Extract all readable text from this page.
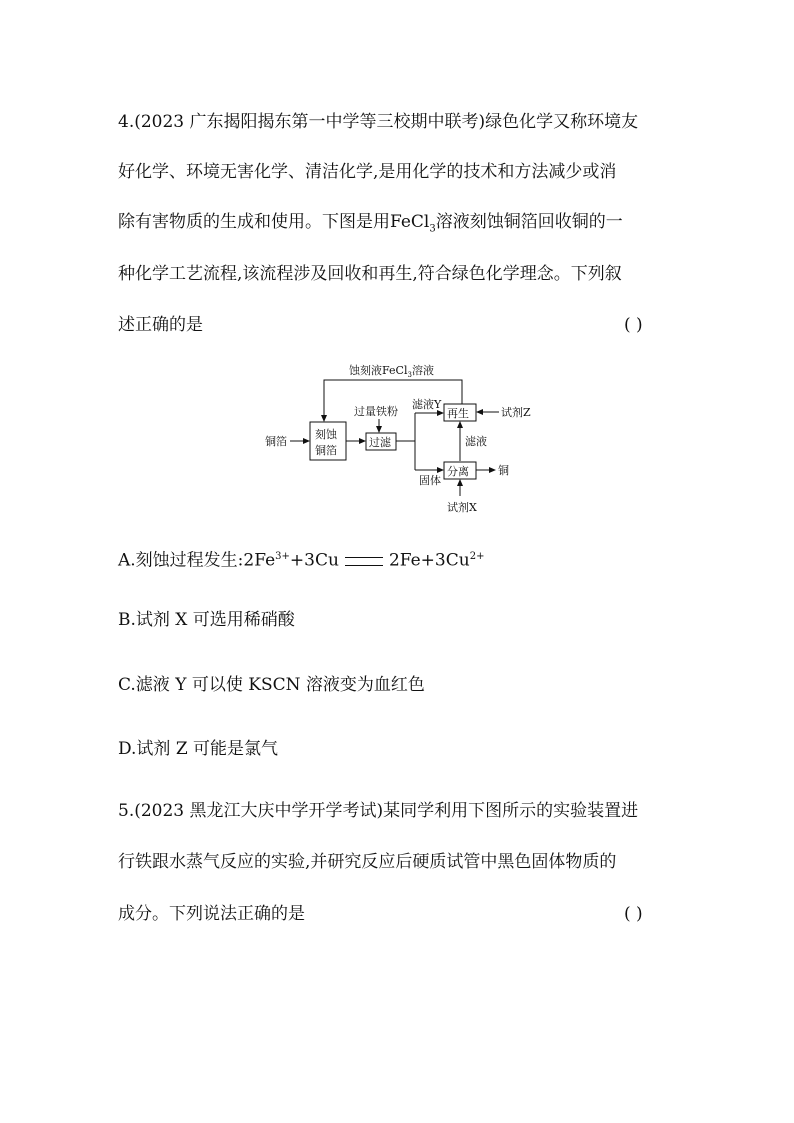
4.(2023 广东揭阳揭东第一中学等三校期中联考)绿色化学又称环境友
好化学、环境无害化学、清洁化学,是用化学的技术和方法减少或消
除有害物质的生成和使用。下图是用FeCl$_3$溶液刻蚀铜箔回收铜的一
种化学工艺流程,该流程涉及回收和再生,符合绿色化学理念。下列叙
述正确的是	( )
蚀刻液FeCl$_3$溶液
铜箔
刻蚀
铜箔
过量铁粉
过滤
滤液Y
固体
再生	试剂Z
滤液
分离	铜
试剂X
A.刻蚀过程发生$:2Fe^{3+}+3Cu$	$2Fe+3Cu^{2+}$
B.试剂 X 可选用稀硝酸
C.滤液 Y 可以使 KSCN 溶液变为血红色
D.试剂 Z 可能是氯气
5.(2023 黑龙江大庆中学开学考试)某同学利用下图所示的实验装置进
行铁跟水蒸气反应的实验,并研究反应后硬质试管中黑色固体物质的
成分。下列说法正确的是	( )
